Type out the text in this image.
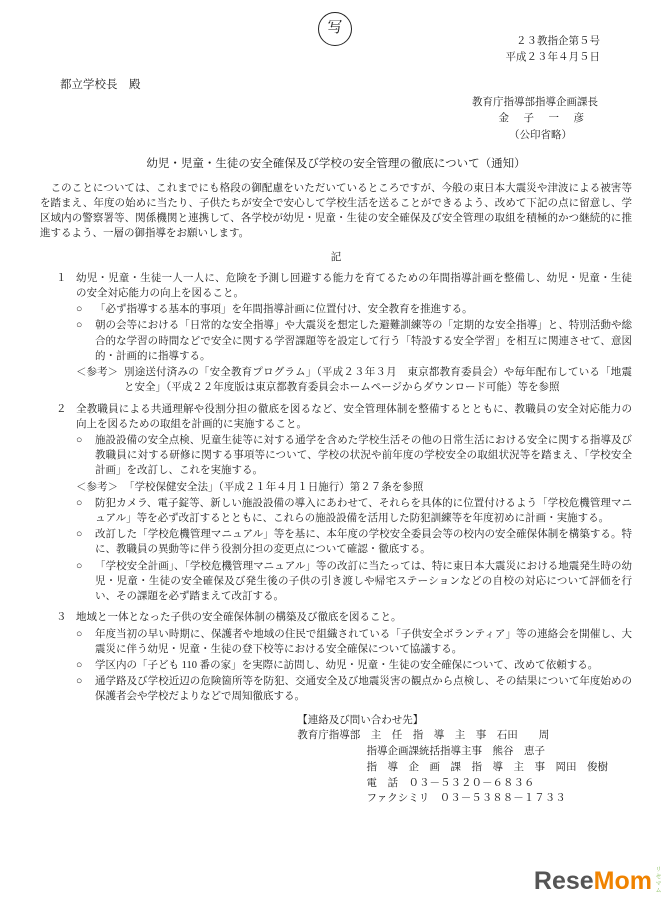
写
２３教指企第５号
平成２３年４月５日
都立学校長　殿
教育庁指導部指導企画課長
金　子　一　彦
（公印省略）
幼児・児童・生徒の安全確保及び学校の安全管理の徹底について（通知）

　このことについては、これまでにも格段の御配慮をいただいているところですが、今般の東日本大震災や津波による被害等を踏まえ、年度の始めに当たり、子供たちが安全で安心して学校生活を送ることができるよう、改めて下記の点に留意し、学区域内の警察署等、関係機関と連携して、各学校が幼児・児童・生徒の安全確保及び安全管理の取組を積極的かつ継続的に推進するよう、一層の御指導をお願いします。

記
１ 幼児・児童・生徒一人一人に、危険を予測し回避する能力を育てるための年間指導計画を整備し、幼児・児童・生徒の安全対応能力の向上を図ること。
○	「必ず指導する基本的事項」を年間指導計画に位置付け、安全教育を推進する。
○	朝の会等における「日常的な安全指導」や大震災を想定した避難訓練等の「定期的な安全指導」と、特別活動や総合的な学習の時間などで安全に関する学習課題等を設定して行う「特設する安全学習」を相互に関連させて、意図的・計画的に指導する。
＜参考＞ 別途送付済みの「安全教育プログラム」（平成２３年３月　東京都教育委員会）や毎年配布している「地震と安全」（平成２２年度版は東京都教育委員会ホームページからダウンロード可能）等を参照
２ 全教職員による共通理解や役割分担の徹底を図るなど、安全管理体制を整備するとともに、教職員の安全対応能力の向上を図るための取組を計画的に実施すること。
○	施設設備の安全点検、児童生徒等に対する通学を含めた学校生活その他の日常生活における安全に関する指導及び教職員に対する研修に関する事項等について、学校の状況や前年度の学校安全の取組状況等を踏まえ、「学校安全計画」を改訂し、これを実施する。
＜参考＞ 「学校保健安全法」（平成２１年４月１日施行）第２７条を参照
○	防犯カメラ、電子錠等、新しい施設設備の導入にあわせて、それらを具体的に位置付けるよう「学校危機管理マニュアル」等を必ず改訂するとともに、これらの施設設備を活用した防犯訓練等を年度初めに計画・実施する。
○	改訂した「学校危機管理マニュアル」等を基に、本年度の学校安全委員会等の校内の安全確保体制を構築する。特に、教職員の異動等に伴う役割分担の変更点について確認・徹底する。
○	「学校安全計画」、「学校危機管理マニュアル」等の改訂に当たっては、特に東日本大震災における地震発生時の幼児・児童・生徒の安全確保及び発生後の子供の引き渡しや帰宅ステーションなどの自校の対応について評価を行い、その課題を必ず踏まえて改訂する。
３ 地域と一体となった子供の安全確保体制の構築及び徹底を図ること。
○	年度当初の早い時期に、保護者や地域の住民で組織されている「子供安全ボランティア」等の連絡会を開催し、大震災に伴う幼児・児童・生徒の登下校等における安全確保について協議する。
○	学区内の「子ども 110 番の家」を実際に訪問し、幼児・児童・生徒の安全確保について、改めて依頼する。
○	通学路及び学校近辺の危険箇所等を防犯、交通安全及び地震災害の観点から点検し、その結果について年度始めの保護者会や学校だよりなどで周知徹底する。
【連絡及び問い合わせ先】
教育庁指導部　主　任　指　導　主　事　石田　　周
指導企画課統括指導主事　熊谷　恵子
指　導　企　画　課　指　導　主　事　岡田　俊樹
電　話　０３－５３２０－６８３６
ファクシミリ　０３－５３８８－１７３３
Rese Mom リセマム
